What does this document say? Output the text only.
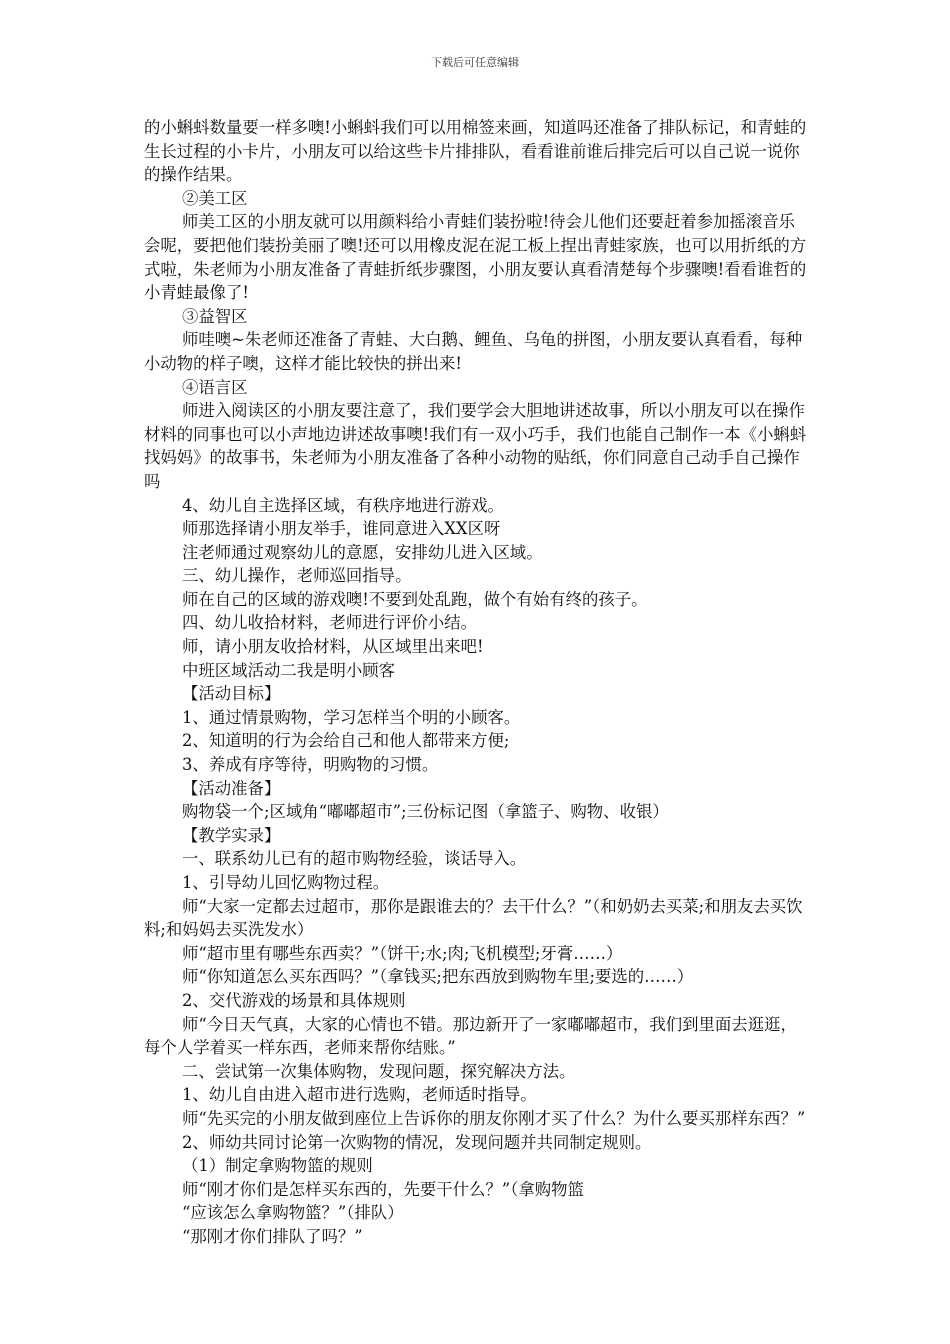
下载后可任意编辑

的小蝌蚪数量要一样多噢!小蝌蚪我们可以用棉签来画，知道吗还准备了排队标记，和青蛙的生长过程的小卡片，小朋友可以给这些卡片排排队，看看谁前谁后排完后可以自己说一说你的操作结果。

②美工区

师美工区的小朋友就可以用颜料给小青蛙们装扮啦!待会儿他们还要赶着参加摇滚音乐会呢，要把他们装扮美丽了噢!还可以用橡皮泥在泥工板上捏出青蛙家族，也可以用折纸的方式啦，朱老师为小朋友准备了青蛙折纸步骤图，小朋友要认真看清楚每个步骤噢!看看谁哲的小青蛙最像了!

③益智区

师哇噢~朱老师还准备了青蛙、大白鹅、鲤鱼、乌龟的拼图，小朋友要认真看看，每种小动物的样子噢，这样才能比较快的拼出来!

④语言区

师进入阅读区的小朋友要注意了，我们要学会大胆地讲述故事，所以小朋友可以在操作材料的同事也可以小声地边讲述故事噢!我们有一双小巧手，我们也能自己制作一本《小蝌蚪找妈妈》的故事书，朱老师为小朋友准备了各种小动物的贴纸，你们同意自己动手自己操作吗

4、幼儿自主选择区域，有秩序地进行游戏。

师那选择请小朋友举手，谁同意进入XX区呀

注老师通过观察幼儿的意愿，安排幼儿进入区域。

三、幼儿操作，老师巡回指导。

师在自己的区域的游戏噢!不要到处乱跑，做个有始有终的孩子。

四、幼儿收拾材料，老师进行评价小结。

师，请小朋友收拾材料，从区域里出来吧!

中班区域活动二我是明小顾客

【活动目标】

1、通过情景购物，学习怎样当个明的小顾客。

2、知道明的行为会给自己和他人都带来方便;

3、养成有序等待，明购物的习惯。

【活动准备】

购物袋一个;区域角“嘟嘟超市”;三份标记图（拿篮子、购物、收银）

【教学实录】

一、联系幼儿已有的超市购物经验，谈话导入。

1、引导幼儿回忆购物过程。

师“大家一定都去过超市，那你是跟谁去的？去干什么？”（和奶奶去买菜;和朋友去买饮料;和妈妈去买洗发水）

师“超市里有哪些东西卖？”（饼干;水;肉;飞机模型;牙膏……）

师“你知道怎么买东西吗？”（拿钱买;把东西放到购物车里;要选的……）

2、交代游戏的场景和具体规则

师“今日天气真，大家的心情也不错。那边新开了一家嘟嘟超市，我们到里面去逛逛，每个人学着买一样东西，老师来帮你结账。”

二、尝试第一次集体购物，发现问题，探究解决方法。

1、幼儿自由进入超市进行选购，老师适时指导。

师“先买完的小朋友做到座位上告诉你的朋友你刚才买了什么？为什么要买那样东西？”

2、师幼共同讨论第一次购物的情况，发现问题并共同制定规则。

（1）制定拿购物篮的规则

师“刚才你们是怎样买东西的，先要干什么？”（拿购物篮

“应该怎么拿购物篮？”（排队）

“那刚才你们排队了吗？”
